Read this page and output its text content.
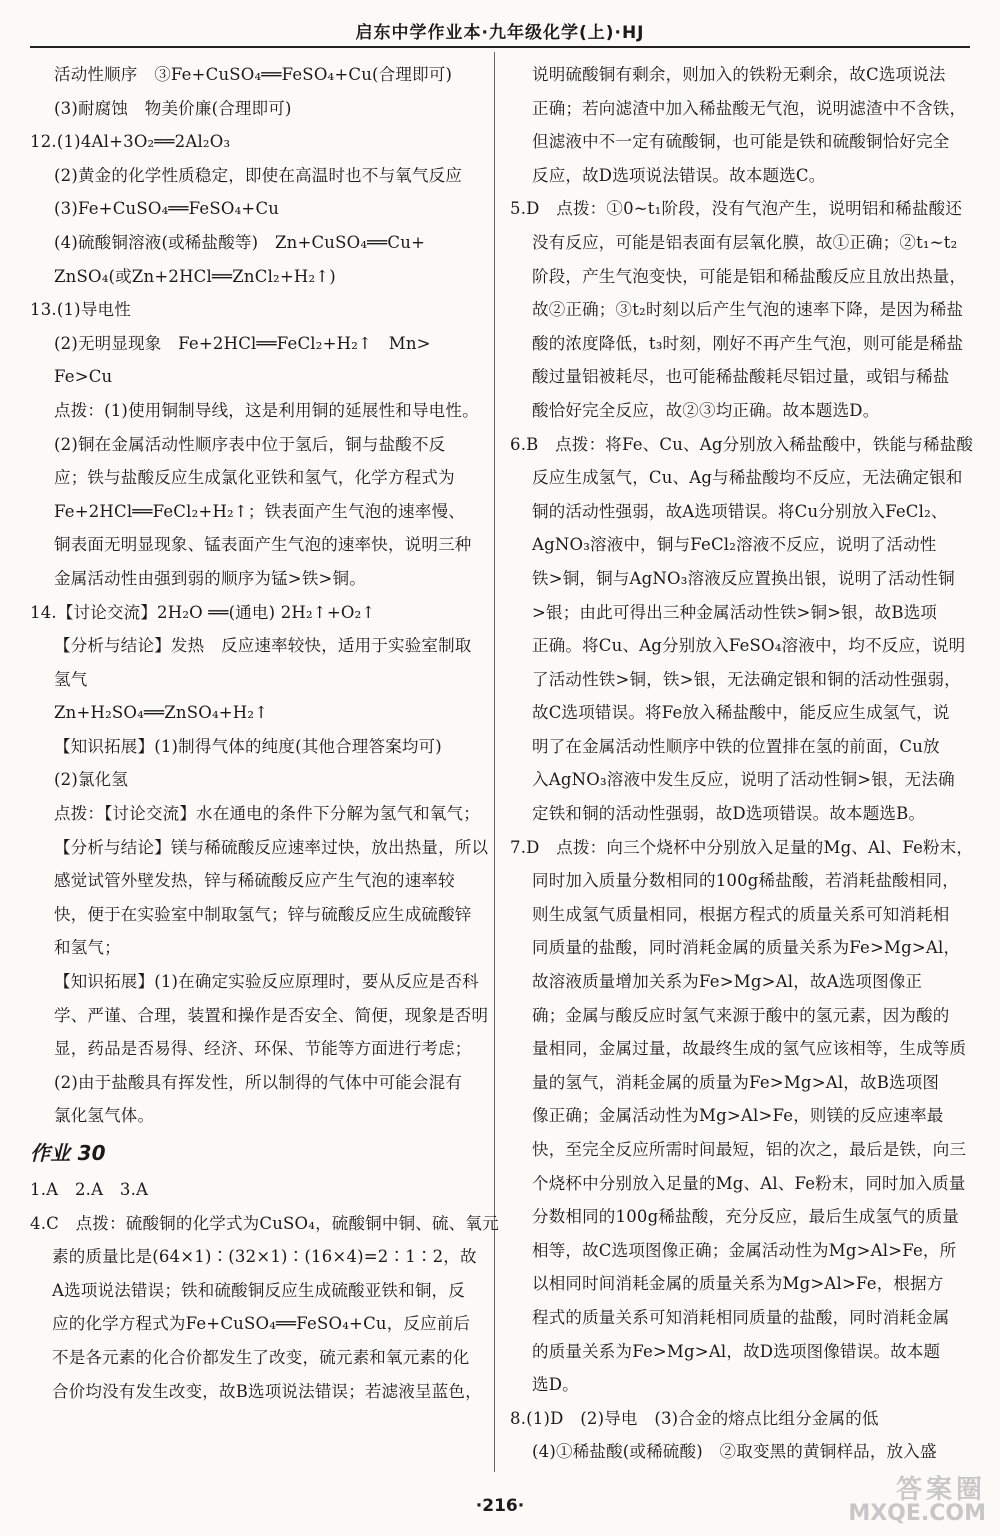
启东中学作业本·九年级化学(上)·HJ
活动性顺序　③Fe+CuSO₄══FeSO₄+Cu(合理即可)
(3)耐腐蚀　物美价廉(合理即可)
12.(1)4Al+3O₂══2Al₂O₃
(2)黄金的化学性质稳定，即使在高温时也不与氧气反应
(3)Fe+CuSO₄══FeSO₄+Cu
(4)硫酸铜溶液(或稀盐酸等)　Zn+CuSO₄══Cu+
ZnSO₄(或Zn+2HCl══ZnCl₂+H₂↑)
13.(1)导电性
(2)无明显现象　Fe+2HCl══FeCl₂+H₂↑　Mn>
Fe>Cu
点拨：(1)使用铜制导线，这是利用铜的延展性和导电性。
(2)铜在金属活动性顺序表中位于氢后，铜与盐酸不反
应；铁与盐酸反应生成氯化亚铁和氢气，化学方程式为
Fe+2HCl══FeCl₂+H₂↑；铁表面产生气泡的速率慢、
铜表面无明显现象、锰表面产生气泡的速率快，说明三种
金属活动性由强到弱的顺序为锰>铁>铜。
14.【讨论交流】2H₂O ══(通电) 2H₂↑+O₂↑
【分析与结论】发热　反应速率较快，适用于实验室制取
氢气
Zn+H₂SO₄══ZnSO₄+H₂↑
【知识拓展】(1)制得气体的纯度(其他合理答案均可)
(2)氯化氢
点拨：【讨论交流】水在通电的条件下分解为氢气和氧气；
【分析与结论】镁与稀硫酸反应速率过快，放出热量，所以
感觉试管外壁发热，锌与稀硫酸反应产生气泡的速率较
快，便于在实验室中制取氢气；锌与硫酸反应生成硫酸锌
和氢气；
【知识拓展】(1)在确定实验反应原理时，要从反应是否科
学、严谨、合理，装置和操作是否安全、简便，现象是否明
显，药品是否易得、经济、环保、节能等方面进行考虑；
(2)由于盐酸具有挥发性，所以制得的气体中可能会混有
氯化氢气体。
作业 30
1.A　2.A　3.A
4.C　点拨：硫酸铜的化学式为CuSO₄，硫酸铜中铜、硫、氧元
素的质量比是(64×1)∶(32×1)∶(16×4)=2∶1∶2，故
A选项说法错误；铁和硫酸铜反应生成硫酸亚铁和铜，反
应的化学方程式为Fe+CuSO₄══FeSO₄+Cu，反应前后
不是各元素的化合价都发生了改变，硫元素和氧元素的化
合价均没有发生改变，故B选项说法错误；若滤液呈蓝色，
说明硫酸铜有剩余，则加入的铁粉无剩余，故C选项说法
正确；若向滤渣中加入稀盐酸无气泡，说明滤渣中不含铁，
但滤液中不一定有硫酸铜，也可能是铁和硫酸铜恰好完全
反应，故D选项说法错误。故本题选C。
5.D　点拨：①0~t₁阶段，没有气泡产生，说明铝和稀盐酸还
没有反应，可能是铝表面有层氧化膜，故①正确；②t₁~t₂
阶段，产生气泡变快，可能是铝和稀盐酸反应且放出热量，
故②正确；③t₂时刻以后产生气泡的速率下降，是因为稀盐
酸的浓度降低，t₃时刻，刚好不再产生气泡，则可能是稀盐
酸过量铝被耗尽，也可能稀盐酸耗尽铝过量，或铝与稀盐
酸恰好完全反应，故②③均正确。故本题选D。
6.B　点拨：将Fe、Cu、Ag分别放入稀盐酸中，铁能与稀盐酸
反应生成氢气，Cu、Ag与稀盐酸均不反应，无法确定银和
铜的活动性强弱，故A选项错误。将Cu分别放入FeCl₂、
AgNO₃溶液中，铜与FeCl₂溶液不反应，说明了活动性
铁>铜，铜与AgNO₃溶液反应置换出银，说明了活动性铜
>银；由此可得出三种金属活动性铁>铜>银，故B选项
正确。将Cu、Ag分别放入FeSO₄溶液中，均不反应，说明
了活动性铁>铜，铁>银，无法确定银和铜的活动性强弱，
故C选项错误。将Fe放入稀盐酸中，能反应生成氢气，说
明了在金属活动性顺序中铁的位置排在氢的前面，Cu放
入AgNO₃溶液中发生反应，说明了活动性铜>银，无法确
定铁和铜的活动性强弱，故D选项错误。故本题选B。
7.D　点拨：向三个烧杯中分别放入足量的Mg、Al、Fe粉末，
同时加入质量分数相同的100g稀盐酸，若消耗盐酸相同，
则生成氢气质量相同，根据方程式的质量关系可知消耗相
同质量的盐酸，同时消耗金属的质量关系为Fe>Mg>Al，
故溶液质量增加关系为Fe>Mg>Al，故A选项图像正
确；金属与酸反应时氢气来源于酸中的氢元素，因为酸的
量相同，金属过量，故最终生成的氢气应该相等，生成等质
量的氢气，消耗金属的质量为Fe>Mg>Al，故B选项图
像正确；金属活动性为Mg>Al>Fe，则镁的反应速率最
快，至完全反应所需时间最短，铝的次之，最后是铁，向三
个烧杯中分别放入足量的Mg、Al、Fe粉末，同时加入质量
分数相同的100g稀盐酸，充分反应，最后生成氢气的质量
相等，故C选项图像正确；金属活动性为Mg>Al>Fe，所
以相同时间消耗金属的质量关系为Mg>Al>Fe，根据方
程式的质量关系可知消耗相同质量的盐酸，同时消耗金属
的质量关系为Fe>Mg>Al，故D选项图像错误。故本题
选D。
8.(1)D　(2)导电　(3)合金的熔点比组分金属的低
(4)①稀盐酸(或稀硫酸)　②取变黑的黄铜样品，放入盛
·216·
答案圈
MXQE.COM
